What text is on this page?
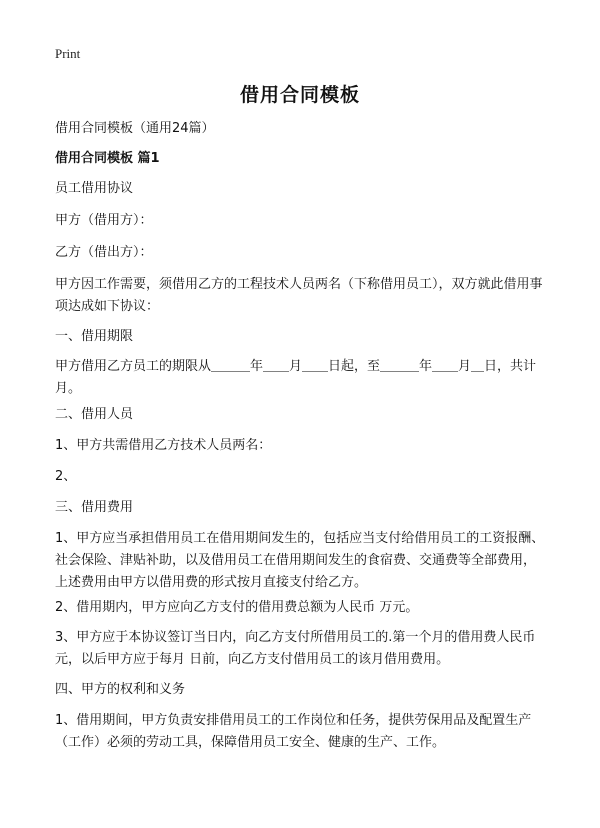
Print
借用合同模板

借用合同模板（通用24篇）

借用合同模板 篇1

员工借用协议

甲方（借用方）：

乙方（借出方）：

甲方因工作需要，须借用乙方的工程技术人员两名（下称借用员工），双方就此借用事项达成如下协议：

一、借用期限

甲方借用乙方员工的期限从＿＿＿年＿＿月＿＿日起，至＿＿＿年＿＿月＿日，共计 月。

二、借用人员

1、甲方共需借用乙方技术人员两名：

2、

三、借用费用

1、甲方应当承担借用员工在借用期间发生的，包括应当支付给借用员工的工资报酬、社会保险、津贴补助，以及借用员工在借用期间发生的食宿费、交通费等全部费用，上述费用由甲方以借用费的形式按月直接支付给乙方。

2、借用期内，甲方应向乙方支付的借用费总额为人民币 万元。

3、甲方应于本协议签订当日内，向乙方支付所借用员工的.第一个月的借用费人民币 元，以后甲方应于每月 日前，向乙方支付借用员工的该月借用费用。

四、甲方的权利和义务

1、借用期间，甲方负责安排借用员工的工作岗位和任务，提供劳保用品及配置生产（工作）必须的劳动工具，保障借用员工安全、健康的生产、工作。
